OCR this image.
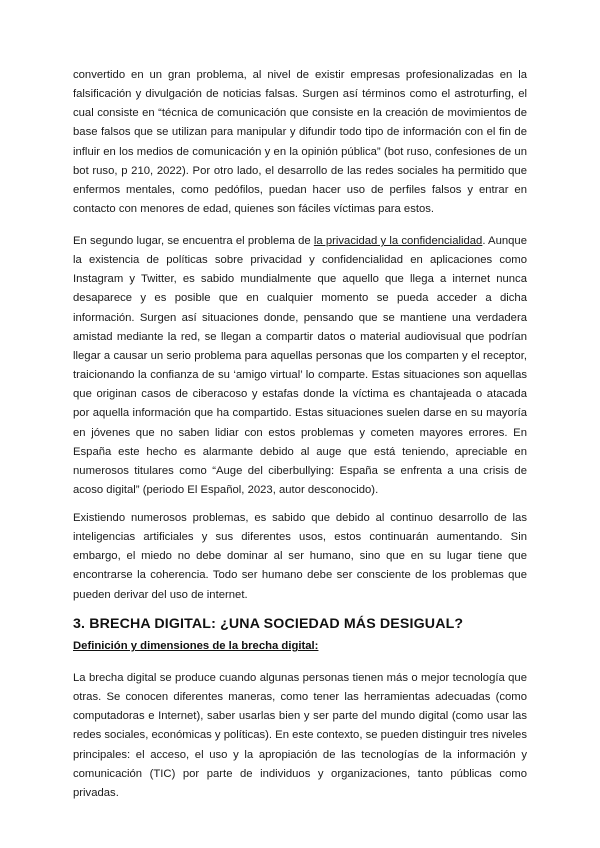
convertido en un gran problema, al nivel de existir empresas profesionalizadas en la falsificación y divulgación de noticias falsas. Surgen así términos como el astroturfing, el cual consiste en “técnica de comunicación que consiste en la creación de movimientos de base falsos que se utilizan para manipular y difundir todo tipo de información con el fin de influir en los medios de comunicación y en la opinión pública” (bot ruso, confesiones de un bot ruso, p 210, 2022). Por otro lado, el desarrollo de las redes sociales ha permitido que enfermos mentales, como pedófilos, puedan hacer uso de perfiles falsos y entrar en contacto con menores de edad, quienes son fáciles víctimas para estos.

En segundo lugar, se encuentra el problema de la privacidad y la confidencialidad. Aunque la existencia de políticas sobre privacidad y confidencialidad en aplicaciones como Instagram y Twitter, es sabido mundialmente que aquello que llega a internet nunca desaparece y es posible que en cualquier momento se pueda acceder a dicha información. Surgen así situaciones donde, pensando que se mantiene una verdadera amistad mediante la red, se llegan a compartir datos o material audiovisual que podrían llegar a causar un serio problema para aquellas personas que los comparten y el receptor, traicionando la confianza de su ‘amigo virtual’ lo comparte. Estas situaciones son aquellas que originan casos de ciberacoso y estafas donde la víctima es chantajeada o atacada por aquella información que ha compartido. Estas situaciones suelen darse en su mayoría en jóvenes que no saben lidiar con estos problemas y cometen mayores errores. En España este hecho es alarmante debido al auge que está teniendo, apreciable en numerosos titulares como “Auge del ciberbullying: España se enfrenta a una crisis de acoso digital” (periodo El Español, 2023, autor desconocido).

Existiendo numerosos problemas, es sabido que debido al continuo desarrollo de las inteligencias artificiales y sus diferentes usos, estos continuarán aumentando. Sin embargo, el miedo no debe dominar al ser humano, sino que en su lugar tiene que encontrarse la coherencia. Todo ser humano debe ser consciente de los problemas que pueden derivar del uso de internet.

3. BRECHA DIGITAL: ¿UNA SOCIEDAD MÁS DESIGUAL?
Definición y dimensiones de la brecha digital:

La brecha digital se produce cuando algunas personas tienen más o mejor tecnología que otras. Se conocen diferentes maneras, como tener las herramientas adecuadas (como computadoras e Internet), saber usarlas bien y ser parte del mundo digital (como usar las redes sociales, económicas y políticas). En este contexto, se pueden distinguir tres niveles principales: el acceso, el uso y la apropiación de las tecnologías de la información y comunicación (TIC) por parte de individuos y organizaciones, tanto públicas como privadas.
